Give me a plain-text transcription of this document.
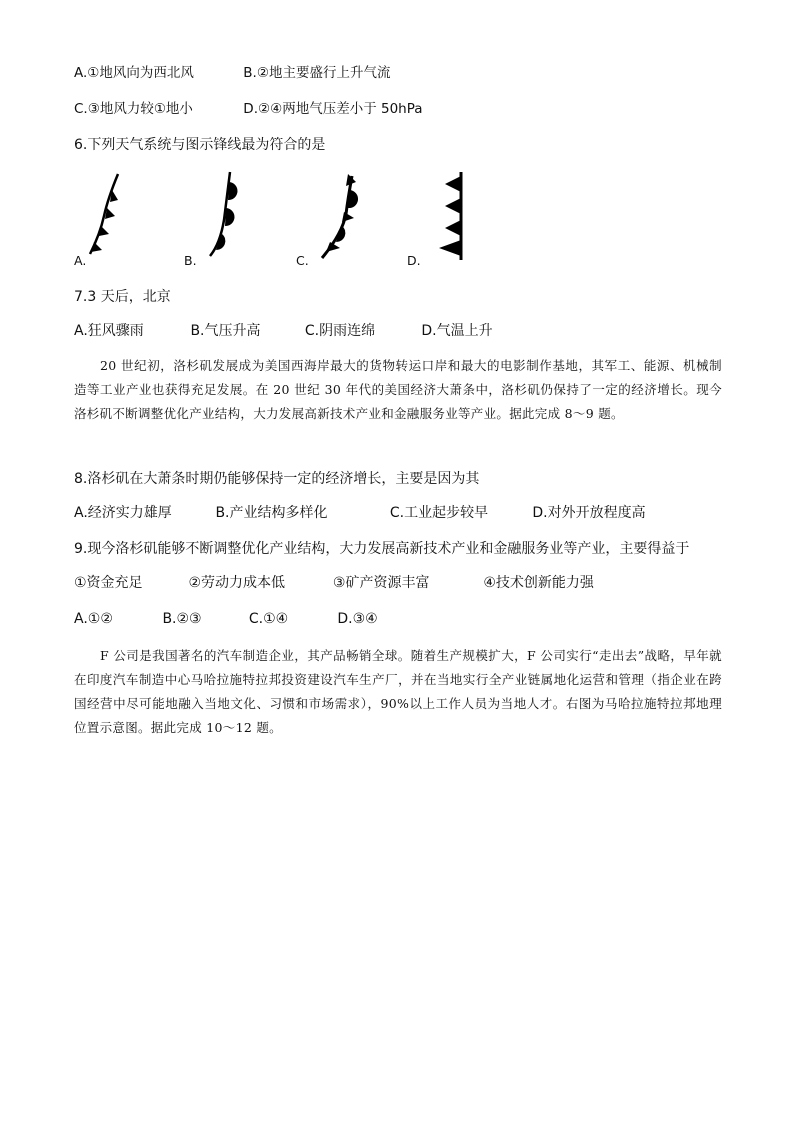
A.①地风向为西北风	B.②地主要盛行上升气流
C.③地风力较①地小	D.②④两地气压差小于 50hPa
6.下列天气系统与图示锋线最为符合的是
A.	B.	C.	D.
7.3 天后，北京
A.狂风骤雨	B.气压升高	C.阴雨连绵	D.气温上升
20 世纪初，洛杉矶发展成为美国西海岸最大的货物转运口岸和最大的电影制作基地，其军工、能源、机械制造等工业产业也获得充足发展。在 20 世纪 30 年代的美国经济大萧条中，洛杉矶仍保持了一定的经济增长。现今洛杉矶不断调整优化产业结构，大力发展高新技术产业和金融服务业等产业。据此完成 8～9 题。
8.洛杉矶在大萧条时期仍能够保持一定的经济增长，主要是因为其
A.经济实力雄厚	B.产业结构多样化	C.工业起步较早	D.对外开放程度高
9.现今洛杉矶能够不断调整优化产业结构，大力发展高新技术产业和金融服务业等产业，主要得益于
①资金充足	②劳动力成本低	③矿产资源丰富	④技术创新能力强
A.①②	B.②③	C.①④	D.③④
F 公司是我国著名的汽车制造企业，其产品畅销全球。随着生产规模扩大，F 公司实行“走出去”战略，早年就在印度汽车制造中心马哈拉施特拉邦投资建设汽车生产厂，并在当地实行全产业链属地化运营和管理（指企业在跨国经营中尽可能地融入当地文化、习惯和市场需求），90%以上工作人员为当地人才。右图为马哈拉施特拉邦地理位置示意图。据此完成 10～12 题。
